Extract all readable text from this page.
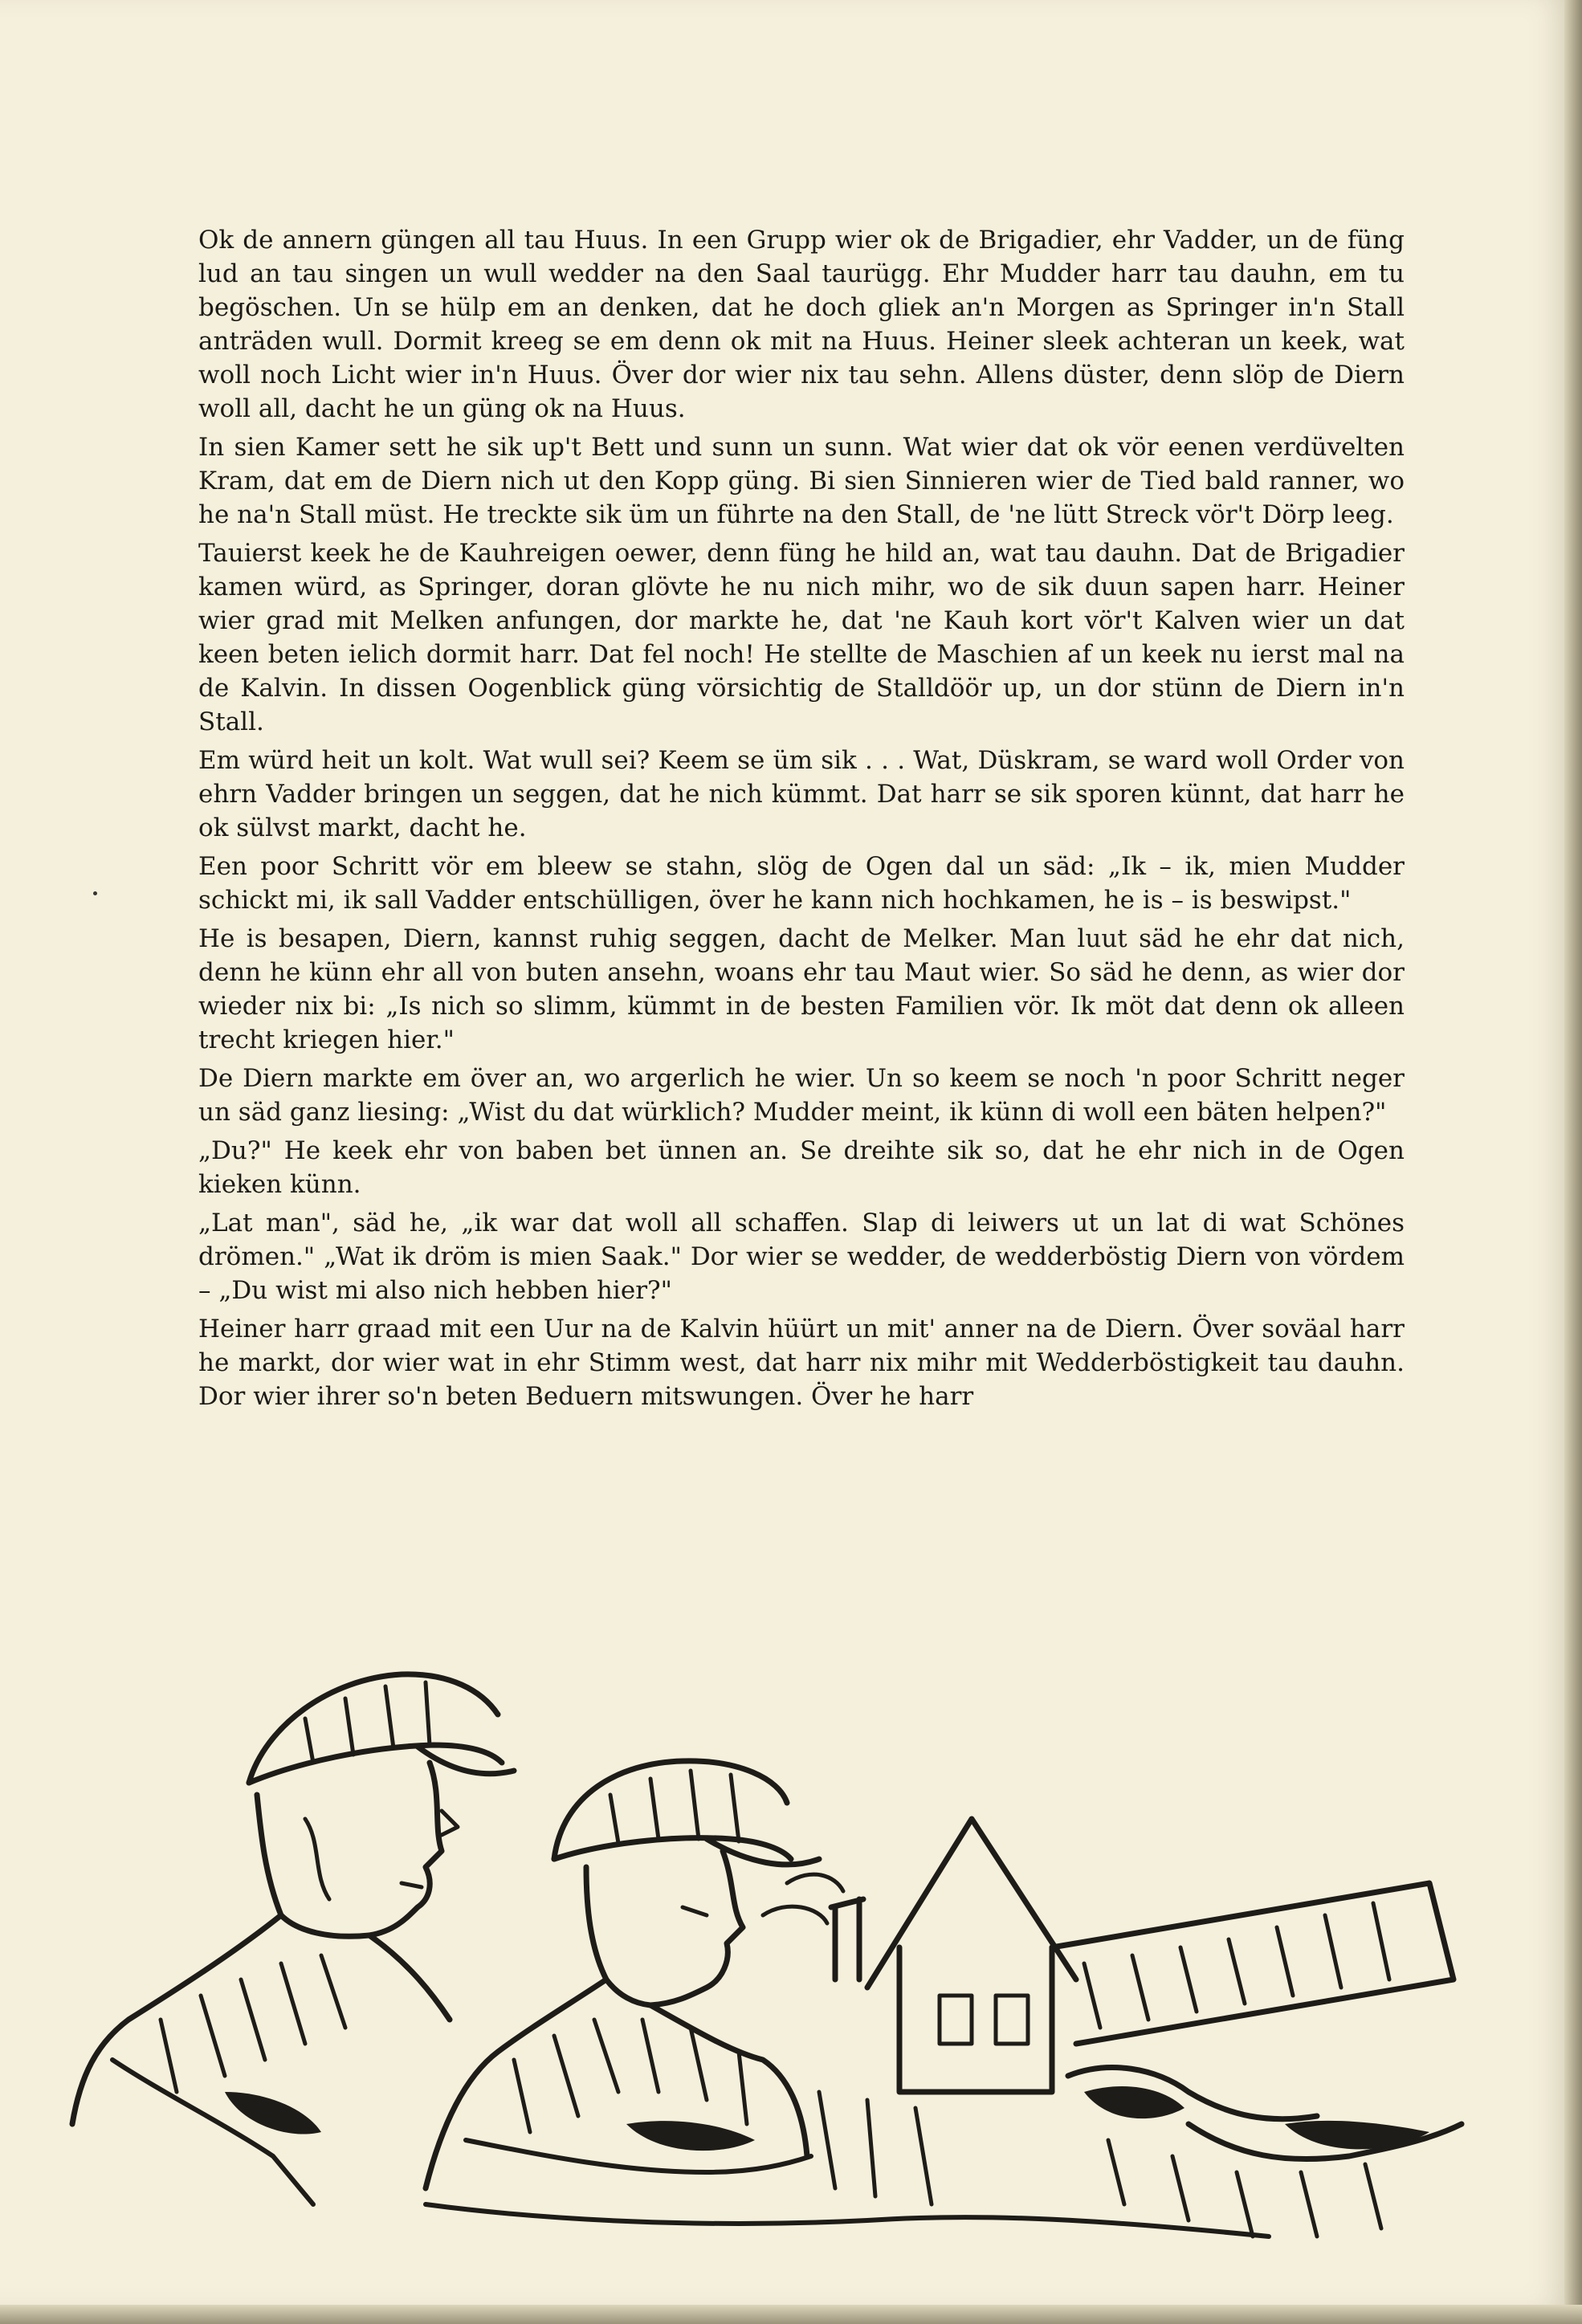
Ok de annern güngen all tau Huus. In een Grupp wier ok de Brigadier, ehr Vadder, un de füng lud an tau singen un wull wedder na den Saal taurügg. Ehr Mudder harr tau dauhn, em tu begöschen. Un se hülp em an denken, dat he doch gliek an'n Morgen as Springer in'n Stall anträden wull. Dormit kreeg se em denn ok mit na Huus. Heiner sleek achteran un keek, wat woll noch Licht wier in'n Huus. Över dor wier nix tau sehn. Allens düster, denn slöp de Diern woll all, dacht he un güng ok na Huus.

In sien Kamer sett he sik up't Bett und sunn un sunn. Wat wier dat ok vör eenen verdüvelten Kram, dat em de Diern nich ut den Kopp güng. Bi sien Sinnieren wier de Tied bald ranner, wo he na'n Stall müst. He treckte sik üm un führte na den Stall, de 'ne lütt Streck vör't Dörp leeg.

Tauierst keek he de Kauhreigen oewer, denn füng he hild an, wat tau dauhn. Dat de Brigadier kamen würd, as Springer, doran glövte he nu nich mihr, wo de sik duun sapen harr. Heiner wier grad mit Melken anfungen, dor markte he, dat 'ne Kauh kort vör't Kalven wier un dat keen beten ielich dormit harr. Dat fel noch! He stellte de Maschien af un keek nu ierst mal na de Kalvin. In dissen Oogenblick güng vörsichtig de Stalldöör up, un dor stünn de Diern in'n Stall.

Em würd heit un kolt. Wat wull sei? Keem se üm sik . . . Wat, Düskram, se ward woll Order von ehrn Vadder bringen un seggen, dat he nich kümmt. Dat harr se sik sporen künnt, dat harr he ok sülvst markt, dacht he.

Een poor Schritt vör em bleew se stahn, slög de Ogen dal un säd: „Ik – ik, mien Mudder schickt mi, ik sall Vadder entschülligen, över he kann nich hochkamen, he is – is beswipst."

He is besapen, Diern, kannst ruhig seggen, dacht de Melker. Man luut säd he ehr dat nich, denn he künn ehr all von buten ansehn, woans ehr tau Maut wier. So säd he denn, as wier dor wieder nix bi: „Is nich so slimm, kümmt in de besten Familien vör. Ik möt dat denn ok alleen trecht kriegen hier."

De Diern markte em över an, wo argerlich he wier. Un so keem se noch 'n poor Schritt neger un säd ganz liesing: „Wist du dat würklich? Mudder meint, ik künn di woll een bäten helpen?"

„Du?" He keek ehr von baben bet ünnen an. Se dreihte sik so, dat he ehr nich in de Ogen kieken künn.

„Lat man", säd he, „ik war dat woll all schaffen. Slap di leiwers ut un lat di wat Schönes drömen." „Wat ik dröm is mien Saak." Dor wier se wedder, de wedderböstig Diern von vördem – „Du wist mi also nich hebben hier?"

Heiner harr graad mit een Uur na de Kalvin hüürt un mit' anner na de Diern. Över soväal harr he markt, dor wier wat in ehr Stimm west, dat harr nix mihr mit Wedderböstigkeit tau dauhn. Dor wier ihrer so'n beten Beduern mitswungen. Över he harr
